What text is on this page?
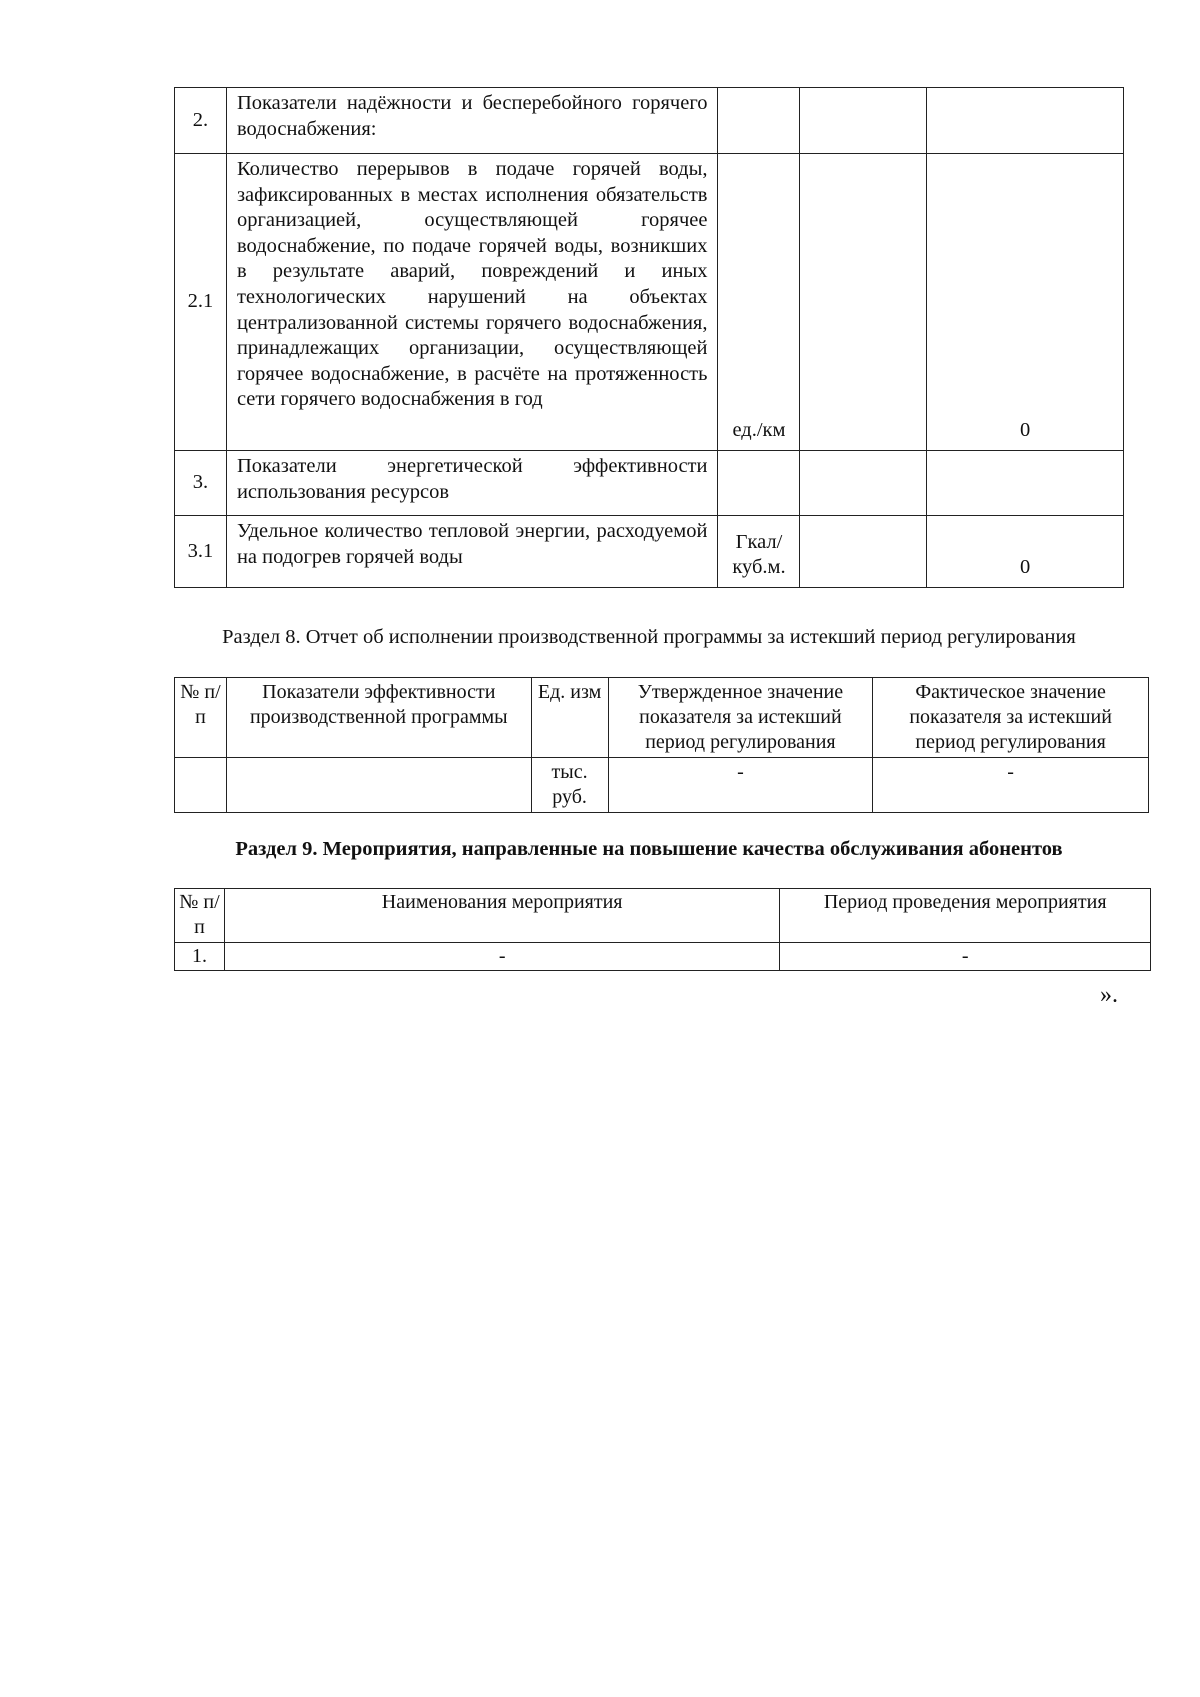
2.	Показатели надёжности и бесперебойного горячего водоснабжения:			
2.1	Количество перерывов в подаче горячей воды, зафиксированных в местах исполнения обязательств организацией, осуществляющей горячее водоснабжение, по подаче горячей воды, возникших в результате аварий, повреждений и иных технологических нарушений на объектах централизованной системы горячего водоснабжения, принадлежащих организации, осуществляющей горячее водоснабжение, в расчёте на протяженность сети горячего водоснабжения в год	ед./км		0
3.	Показатели энергетической эффективности использования ресурсов			
3.1	Удельное количество тепловой энергии, расходуемой на подогрев горячей воды	Гкал/ куб.м.		0
Раздел 8. Отчет об исполнении производственной программы за истекший период регулирования
№ п/п	Показатели эффективности производственной программы	Ед. изм	Утвержденное значение показателя за истекший период регулирования	Фактическое значение показателя за истекший период регулирования
		тыс. руб.	-	-
Раздел 9. Мероприятия, направленные на повышение качества обслуживания абонентов
№ п/п	Наименования мероприятия	Период проведения мероприятия
1.	-	-
».
